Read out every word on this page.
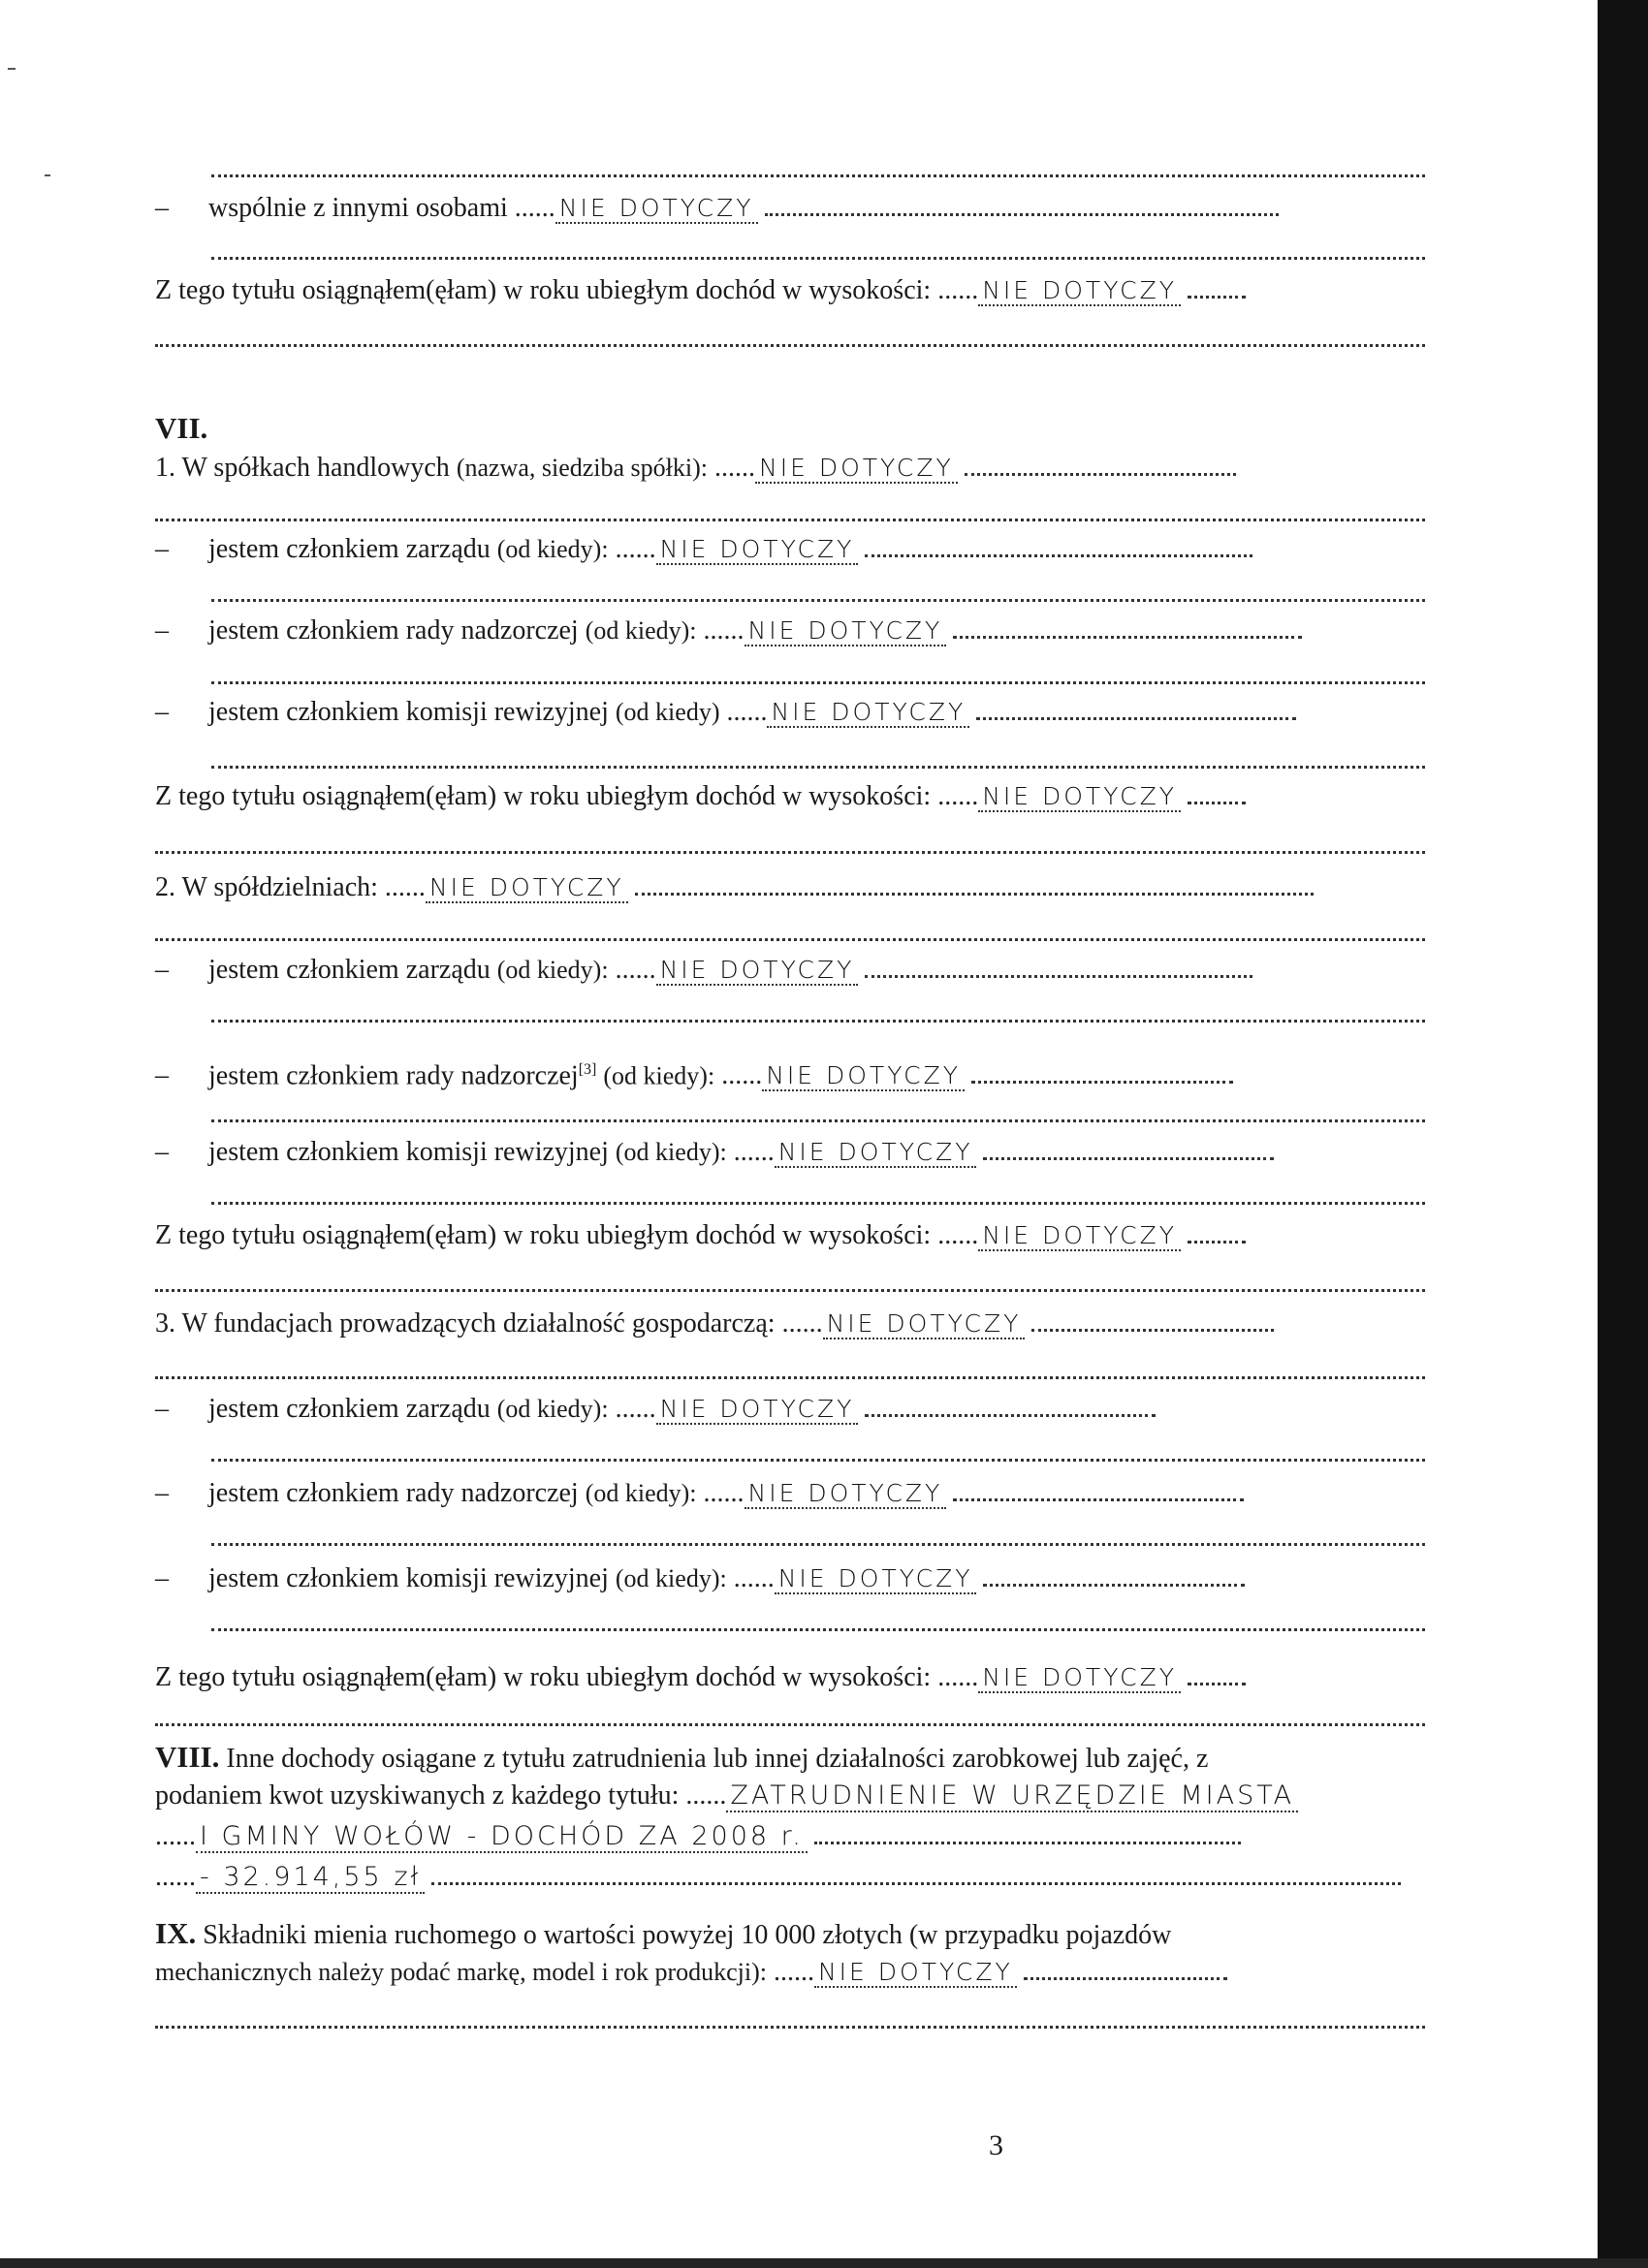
– wspólnie z innymi osobami ...... NIE DOTYCZY
Z tego tytułu osiągnąłem(ęłam) w roku ubiegłym dochód w wysokości: ...... NIE DOTYCZY
VII.
1. W spółkach handlowych (nazwa, siedziba spółki): ...... NIE DOTYCZY
– jestem członkiem zarządu (od kiedy): ...... NIE DOTYCZY
– jestem członkiem rady nadzorczej (od kiedy): ...... NIE DOTYCZY
– jestem członkiem komisji rewizyjnej (od kiedy) ...... NIE DOTYCZY
Z tego tytułu osiągnąłem(ęłam) w roku ubiegłym dochód w wysokości: ...... NIE DOTYCZY
2. W spółdzielniach: ...... NIE DOTYCZY
– jestem członkiem zarządu (od kiedy): ...... NIE DOTYCZY
– jestem członkiem rady nadzorczej[3] (od kiedy): ...... NIE DOTYCZY
– jestem członkiem komisji rewizyjnej (od kiedy): ...... NIE DOTYCZY
Z tego tytułu osiągnąłem(ęłam) w roku ubiegłym dochód w wysokości: ...... NIE DOTYCZY
3. W fundacjach prowadzących działalność gospodarczą: ...... NIE DOTYCZY
– jestem członkiem zarządu (od kiedy): ...... NIE DOTYCZY
– jestem członkiem rady nadzorczej (od kiedy): ...... NIE DOTYCZY
– jestem członkiem komisji rewizyjnej (od kiedy): ...... NIE DOTYCZY
Z tego tytułu osiągnąłem(ęłam) w roku ubiegłym dochód w wysokości: ...... NIE DOTYCZY
VIII. Inne dochody osiągane z tytułu zatrudnienia lub innej działalności zarobkowej lub zajęć, z
podaniem kwot uzyskiwanych z każdego tytułu: ...... ZATRUDNIENIE W URZĘDZIE MIASTA
...... I GMINY WOŁÓW - DOCHÓD ZA 2008 r.
...... - 32.914,55 zł
IX. Składniki mienia ruchomego o wartości powyżej 10 000 złotych (w przypadku pojazdów
mechanicznych należy podać markę, model i rok produkcji): ...... NIE DOTYCZY
3
